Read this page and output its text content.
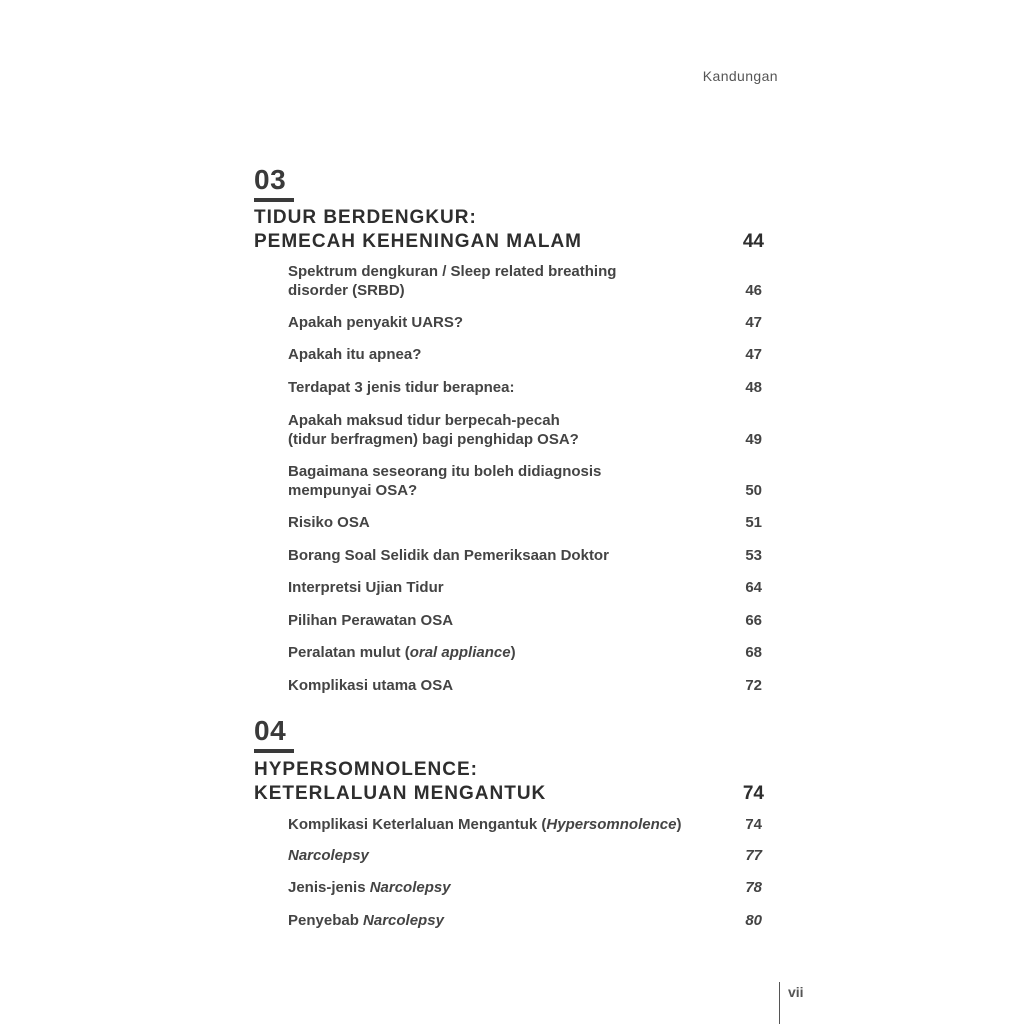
Kandungan
03
TIDUR BERDENGKUR:
PEMECAH KEHENINGAN MALAM	44
Spektrum dengkuran / Sleep related breathing
disorder (SRBD)	46
Apakah penyakit UARS?	47
Apakah itu apnea?	47
Terdapat 3 jenis tidur berapnea:	48
Apakah maksud tidur berpecah-pecah
(tidur berfragmen) bagi penghidap OSA?	49
Bagaimana seseorang itu boleh didiagnosis
mempunyai OSA?	50
Risiko OSA	51
Borang Soal Selidik dan Pemeriksaan Doktor	53
Interpretsi Ujian Tidur	64
Pilihan Perawatan OSA	66
Peralatan mulut (oral appliance)	68
Komplikasi utama OSA	72
04
HYPERSOMNOLENCE:
KETERLALUAN MENGANTUK	74
Komplikasi Keterlaluan Mengantuk (Hypersomnolence)	74
Narcolepsy	77
Jenis-jenis Narcolepsy	78
Penyebab Narcolepsy	80
vii
